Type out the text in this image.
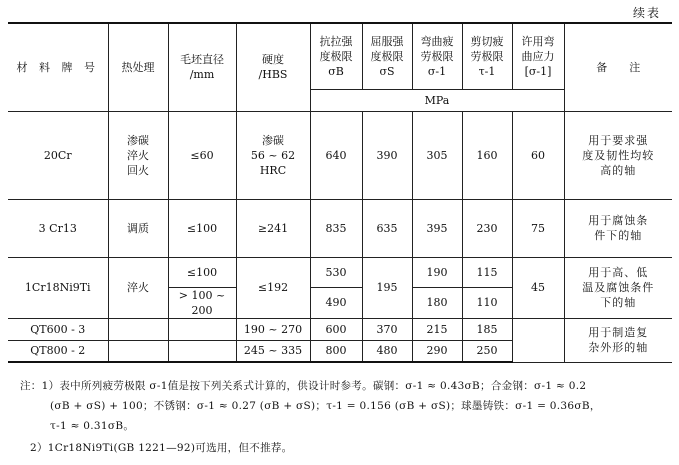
续表
材 料 牌 号	热处理	毛坯直径
/mm	硬度
/HBS	抗拉强
度极限
σB	屈服强
度极限
σS	弯曲疲
劳极限
σ-1	剪切疲
劳极限
τ-1	许用弯
曲应力
[σ-1]	备　　注
				MPa					
20Cr	渗碳
淬火
回火	≤60	渗碳
56 ~ 62
HRC	640	390	305	160	60	用于要求强
度及韧性均较
高的轴

3 Cr13	调质	≤100	≥241	835	635	395	230	75	用于腐蚀条
件下的轴

1Cr18Ni9Ti	淬火	≤100	≤192	530	195	190	115	45	用于高、低
温及腐蚀条件
下的轴

		> 100 ~ 200		490		180	110		
QT600 - 3			190 ~ 270	600	370	215	185		用于制造复
杂外形的轴

QT800 - 2			245 ~ 335	800	480	290	250		
注：1）表中所列疲劳极限 σ-1值是按下列关系式计算的，供设计时参考。碳钢：σ-1 ≈ 0.43σB；合金钢：σ-1 ≈ 0.2
(σB + σS) + 100；不锈钢：σ-1 ≈ 0.27 (σB + σS)；τ-1 = 0.156 (σB + σS)；球墨铸铁：σ-1 = 0.36σB，
τ-1 ≈ 0.31σB。
2）1Cr18Ni9Ti(GB 1221—92)可选用，但不推荐。
